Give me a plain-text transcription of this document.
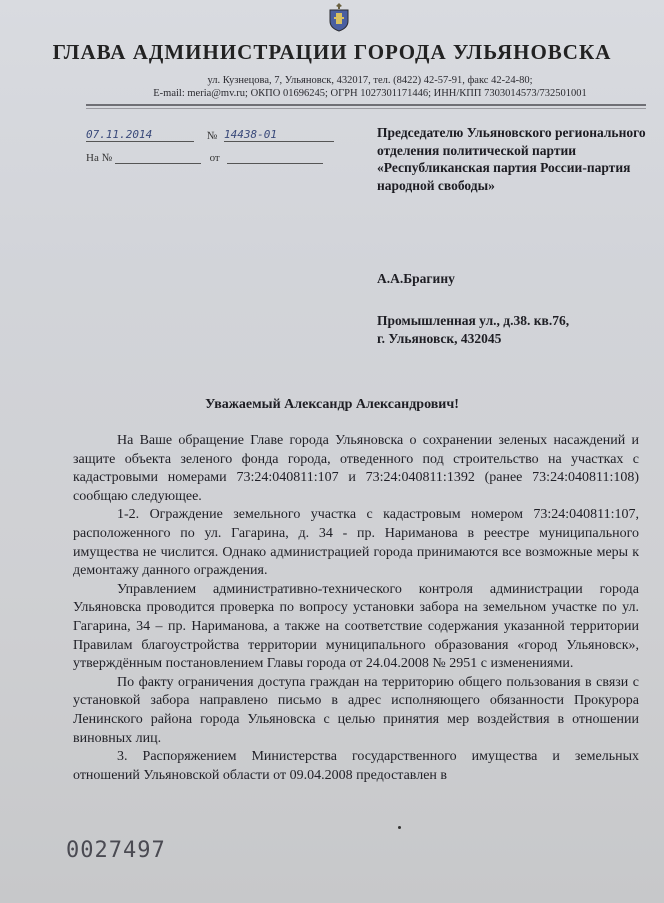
ГЛАВА АДМИНИСТРАЦИИ ГОРОДА УЛЬЯНОВСКА
ул. Кузнецова, 7, Ульяновск, 432017, тел. (8422) 42-57-91, факс 42-24-80;
E-mail: meria@mv.ru; ОКПО 01696245; ОГРН 1027301171446; ИНН/КПП 7303014573/732501001
07.11.2014	№ 14438-01
На №	от
Председателю Ульяновского регионального отделения политической партии «Республиканская партия России-партия народной свободы»
А.А.Брагину
Промышленная ул., д.38. кв.76,
г. Ульяновск, 432045
Уважаемый Александр Александрович!

На Ваше обращение Главе города Ульяновска о сохранении зеленых насаждений и защите объекта зеленого фонда города, отведенного под строительство на участках с кадастровыми номерами 73:24:040811:107 и 73:24:040811:1392 (ранее 73:24:040811:108) сообщаю следующее.

1-2. Ограждение земельного участка с кадастровым номером 73:24:040811:107, расположенного по ул. Гагарина, д. 34 - пр. Нариманова в реестре муниципального имущества не числится. Однако администрацией города принимаются все возможные меры к демонтажу данного ограждения.

Управлением административно-технического контроля администрации города Ульяновска проводится проверка по вопросу установки забора на земельном участке по ул. Гагарина, 34 – пр. Нариманова, а также на соответствие содержания указанной территории Правилам благоустройства территории муниципального образования «город Ульяновск», утверждённым постановлением Главы города от 24.04.2008 № 2951 с изменениями.

По факту ограничения доступа граждан на территорию общего пользования в связи с установкой забора направлено письмо в адрес исполняющего обязанности Прокурора Ленинского района города Ульяновска с целью принятия мер воздействия в отношении виновных лиц.

3. Распоряжением Министерства государственного имущества и земельных отношений Ульяновской области от 09.04.2008 предоставлен в

0027497
